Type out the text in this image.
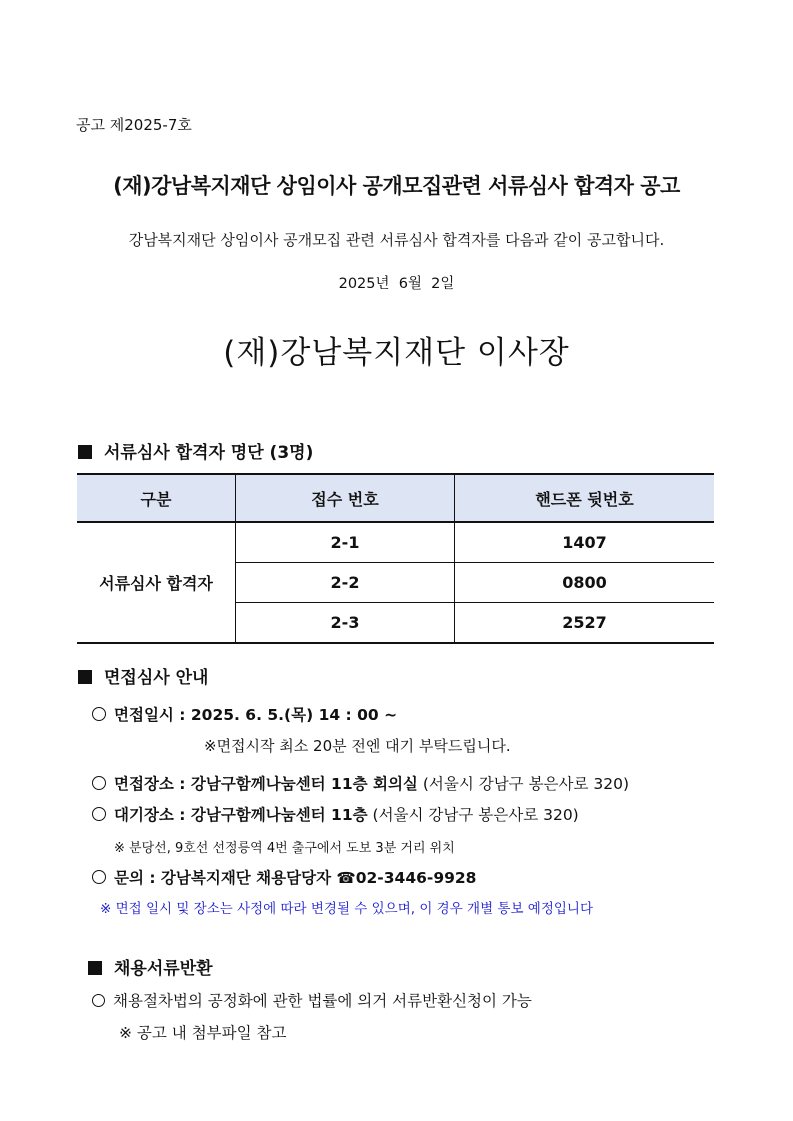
공고 제2025-7호
(재)강남복지재단 상임이사 공개모집관련 서류심사 합격자 공고
강남복지재단 상임이사 공개모집 관련 서류심사 합격자를 다음과 같이 공고합니다.
2025년  6월  2일
(재)강남복지재단 이사장
서류심사 합격자 명단 (3명)
구분	접수 번호	핸드폰 뒷번호
서류심사 합격자	2-1	1407
	2-2	0800
	2-3	2527
면접심사 안내
면접일시 : 2025. 6. 5.(목) 14 : 00 ~
※면접시작 최소 20분 전엔 대기 부탁드립니다.
면접장소 : 강남구함께나눔센터 11층 회의실 (서울시 강남구 봉은사로 320)
대기장소 : 강남구함께나눔센터 11층 (서울시 강남구 봉은사로 320)
※ 분당선, 9호선 선정릉역 4번 출구에서 도보 3분 거리 위치
문의 : 강남복지재단 채용담당자 ☎02-3446-9928
※ 면접 일시 및 장소는 사정에 따라 변경될 수 있으며, 이 경우 개별 통보 예정입니다
채용서류반환
채용절차법의 공정화에 관한 법률에 의거 서류반환신청이 가능
※ 공고 내 첨부파일 참고
